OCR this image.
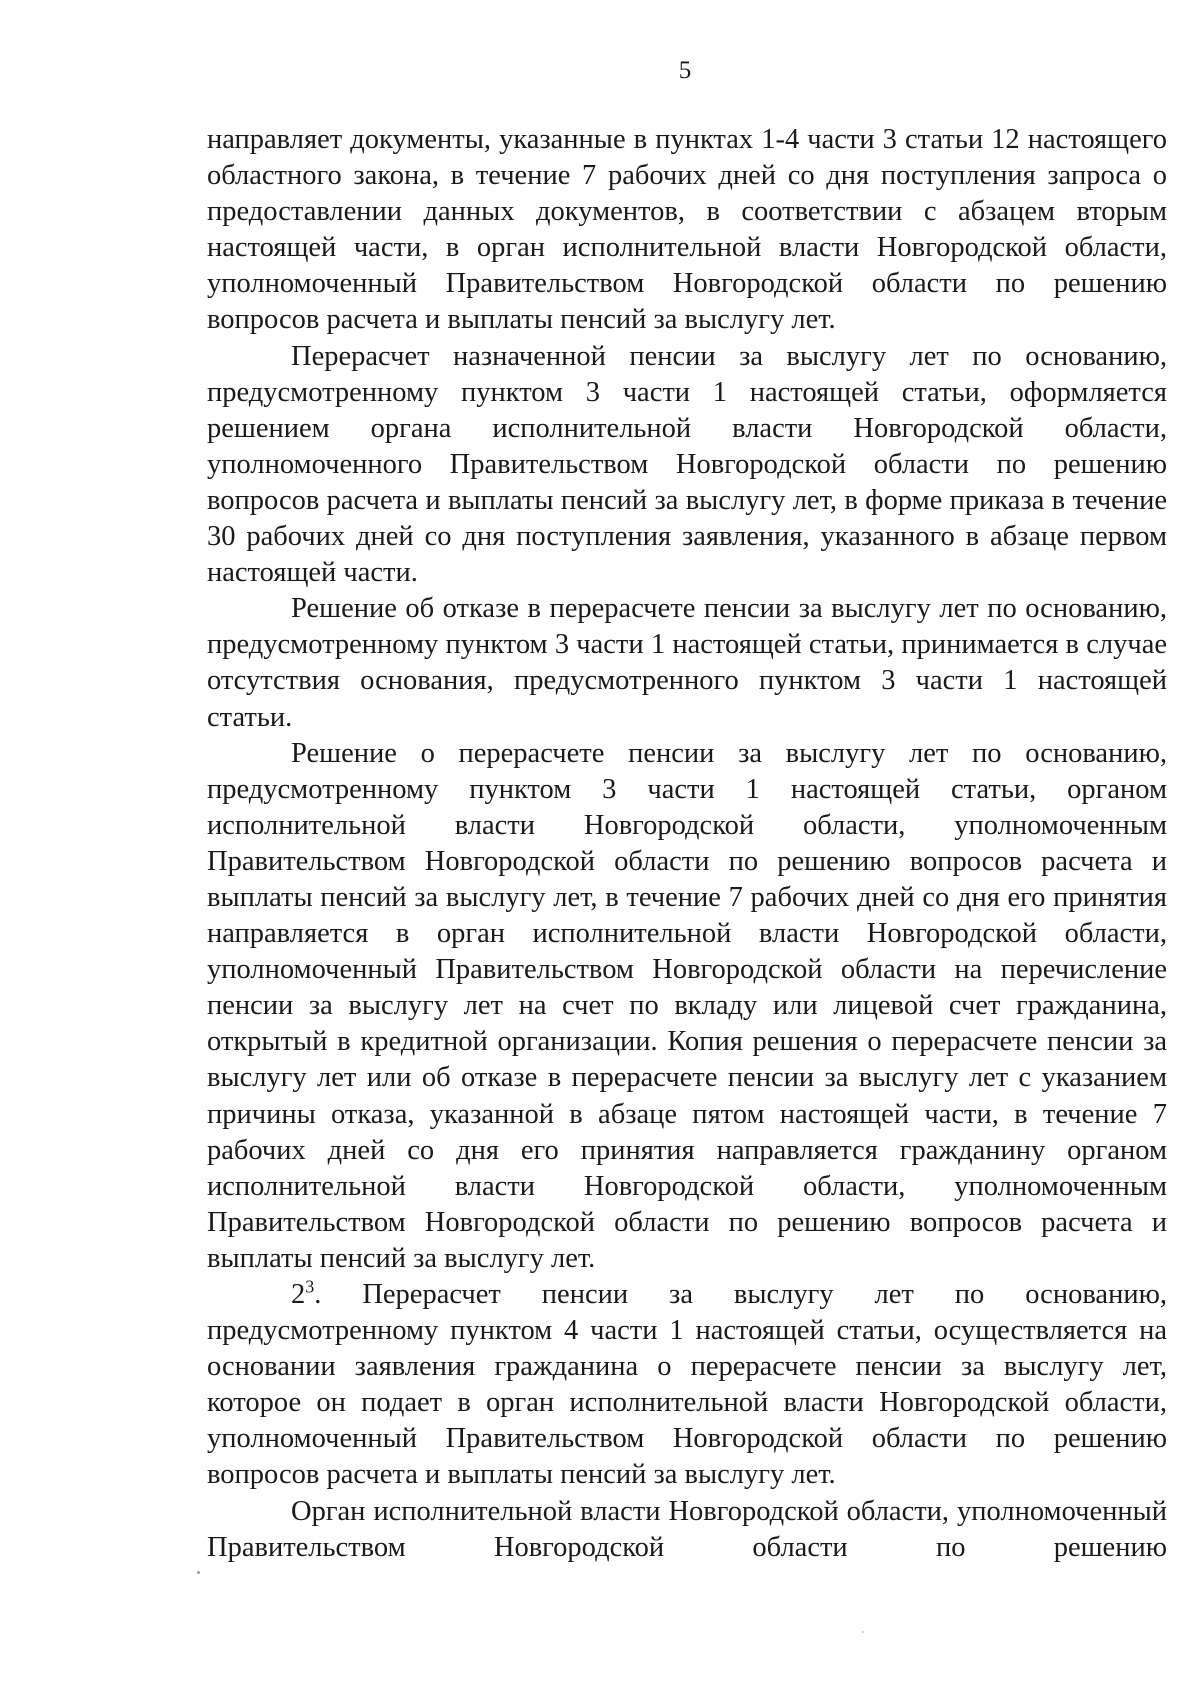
5

направляет документы, указанные в пунктах 1-4 части 3 статьи 12 настоящего областного закона, в течение 7 рабочих дней со дня поступления запроса о предоставлении данных документов, в соответствии с абзацем вторым настоящей части, в орган исполнительной власти Новгородской области, уполномоченный Правительством Новгородской области по решению вопросов расчета и выплаты пенсий за выслугу лет.

Перерасчет назначенной пенсии за выслугу лет по основанию, предусмотренному пунктом 3 части 1 настоящей статьи, оформляется решением органа исполнительной власти Новгородской области, уполномоченного Правительством Новгородской области по решению вопросов расчета и выплаты пенсий за выслугу лет, в форме приказа в течение 30 рабочих дней со дня поступления заявления, указанного в абзаце первом настоящей части.

Решение об отказе в перерасчете пенсии за выслугу лет по основанию, предусмотренному пунктом 3 части 1 настоящей статьи, принимается в случае отсутствия основания, предусмотренного пунктом 3 части 1 настоящей статьи.

Решение о перерасчете пенсии за выслугу лет по основанию, предусмотренному пунктом 3 части 1 настоящей статьи, органом исполнительной власти Новгородской области, уполномоченным Правительством Новгородской области по решению вопросов расчета и выплаты пенсий за выслугу лет, в течение 7 рабочих дней со дня его принятия направляется в орган исполнительной власти Новгородской области, уполномоченный Правительством Новгородской области на перечисление пенсии за выслугу лет на счет по вкладу или лицевой счет гражданина, открытый в кредитной организации. Копия решения о перерасчете пенсии за выслугу лет или об отказе в перерасчете пенсии за выслугу лет с указанием причины отказа, указанной в абзаце пятом настоящей части, в течение 7 рабочих дней со дня его принятия направляется гражданину органом исполнительной власти Новгородской области, уполномоченным Правительством Новгородской области по решению вопросов расчета и выплаты пенсий за выслугу лет.

$2^3$. Перерасчет пенсии за выслугу лет по основанию, предусмотренному пунктом 4 части 1 настоящей статьи, осуществляется на основании заявления гражданина о перерасчете пенсии за выслугу лет, которое он подает в орган исполнительной власти Новгородской области, уполномоченный Правительством Новгородской области по решению вопросов расчета и выплаты пенсий за выслугу лет.

Орган исполнительной власти Новгородской области, уполномоченный Правительством Новгородской области по решению
